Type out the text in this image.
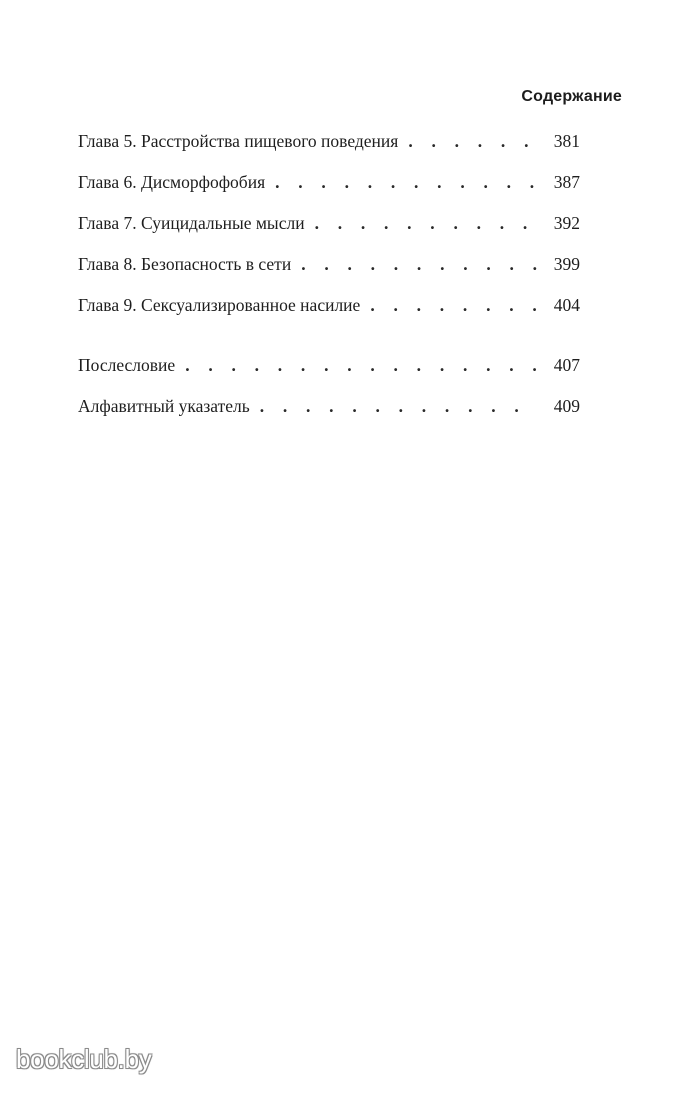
Содержание
Глава 5. Расстройства пищевого поведения . . .	381
Глава 6. Дисморфофобия . . .	387
Глава 7. Суицидальные мысли . . .	392
Глава 8. Безопасность в сети . . .	399
Глава 9. Сексуализированное насилие . . .	404
Послесловие . . .	407
Алфавитный указатель . . .	409
bookclub.by
